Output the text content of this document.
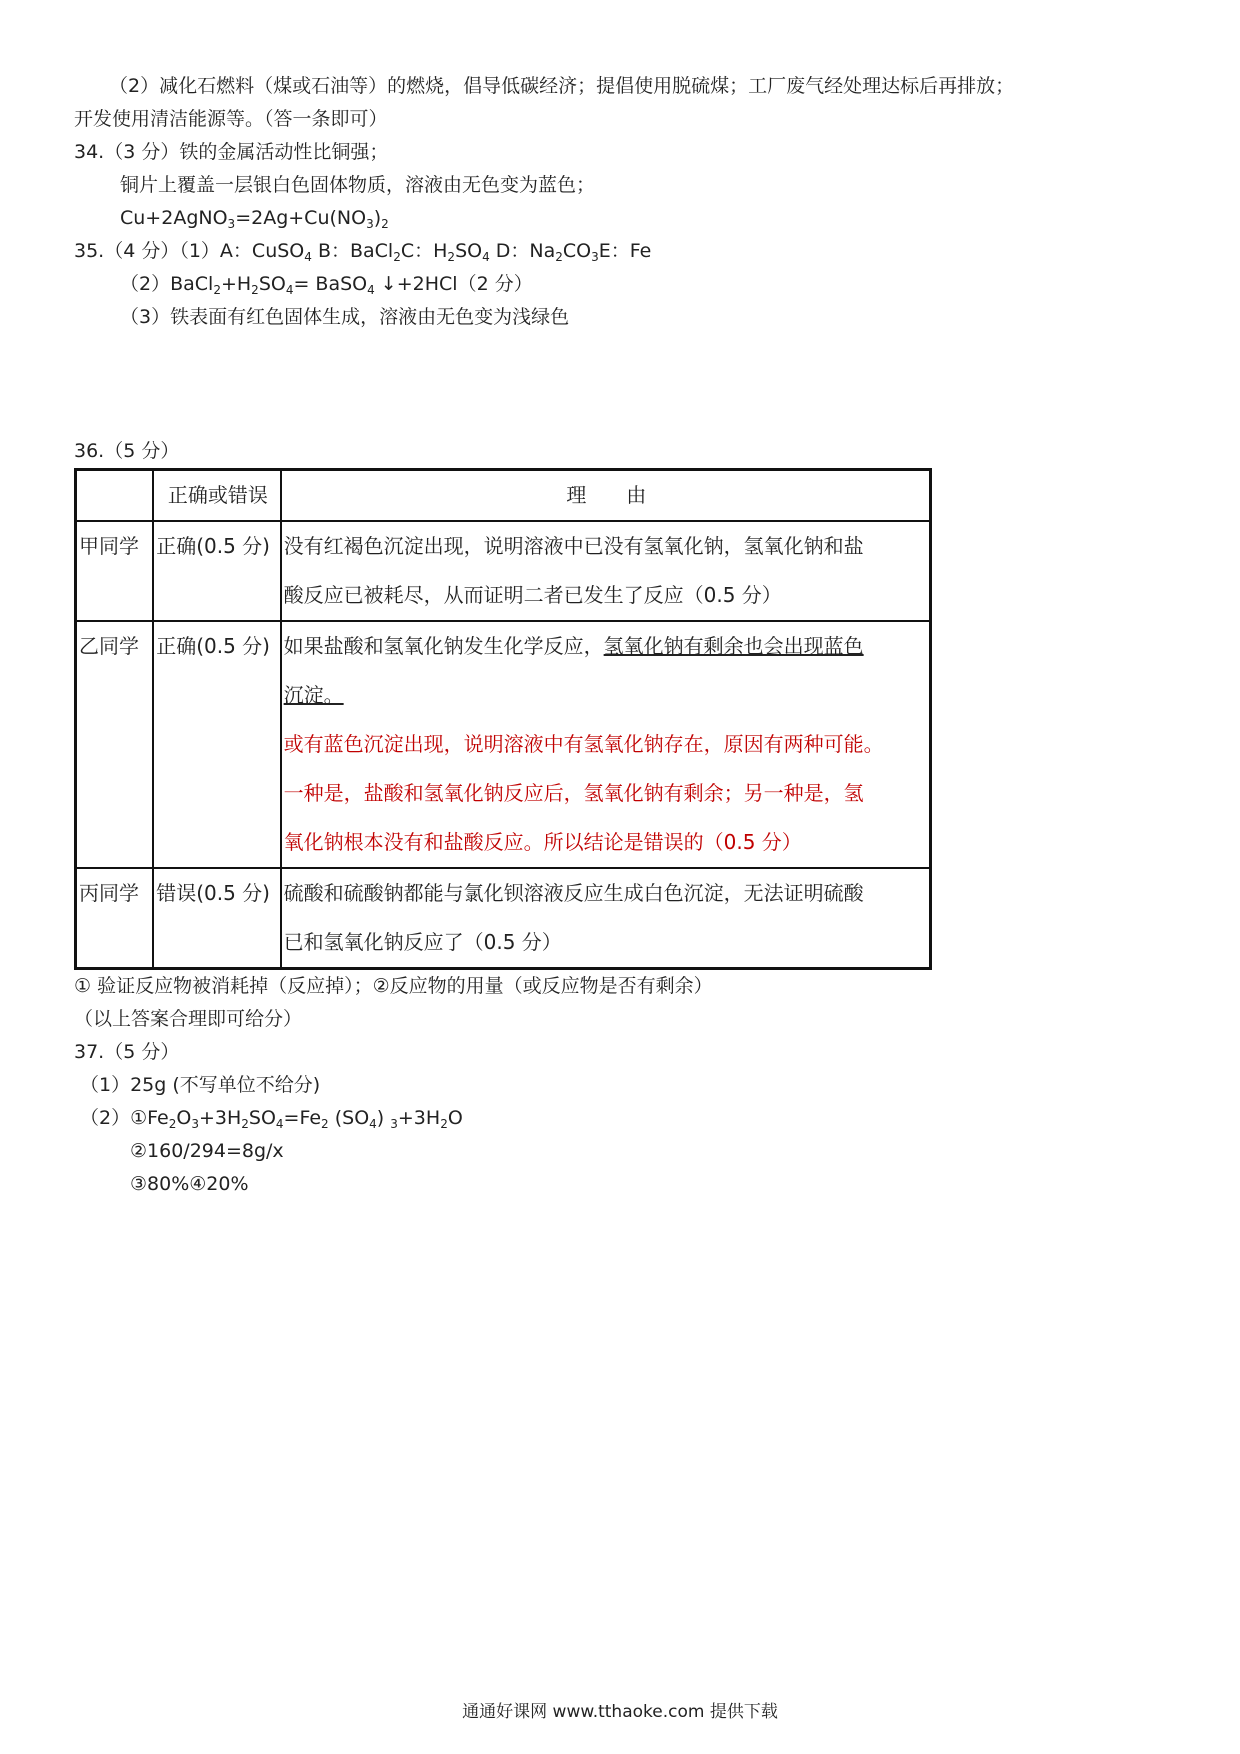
（2）减化石燃料（煤或石油等）的燃烧，倡导低碳经济；提倡使用脱硫煤；工厂废气经处理达标后再排放；
开发使用清洁能源等。（答一条即可）
34.（3 分）铁的金属活动性比铜强；
铜片上覆盖一层银白色固体物质，溶液由无色变为蓝色；
$Cu+2AgNO_3=2Ag+Cu(NO_3)_2$
35.（4 分）（1）A：CuSO$_4$ B：BaCl$_2$C：$H_2SO_4$ D：$Na_2CO_3E$：Fe
$(2)BaCl_2+H_2SO_4=$ BaSO$_4$ ↓+2HCl（2 分）
（3）铁表面有红色固体生成，溶液由无色变为浅绿色
36.（5 分）
	正确或错误	理　　由
甲同学	正确(0.5 分)	没有红褐色沉淀出现，说明溶液中已没有氢氧化钠，氢氧化钠和盐
酸反应已被耗尽，从而证明二者已发生了反应（0.5 分）

乙同学	正确(0.5 分)	如果盐酸和氢氧化钠发生化学反应，氢氧化钠有剩余也会出现蓝色
沉淀。
或有蓝色沉淀出现，说明溶液中有氢氧化钠存在，原因有两种可能。
一种是，盐酸和氢氧化钠反应后，氢氧化钠有剩余；另一种是，氢
氧化钠根本没有和盐酸反应。所以结论是错误的（0.5 分）

丙同学	错误(0.5 分)	硫酸和硫酸钠都能与氯化钡溶液反应生成白色沉淀，无法证明硫酸
已和氢氧化钠反应了（0.5 分）
① 验证反应物被消耗掉（反应掉）；②反应物的用量（或反应物是否有剩余）
（以上答案合理即可给分）
37.（5 分）
（1）25g (不写单位不给分)
$(2)①Fe_2O_3+3H_2SO_4=Fe_2$ $(SO_4)$ $_3+3H_2O$
②160/294=8g/x
③80%④20%
通通好课网 www.tthaoke.com 提供下载
